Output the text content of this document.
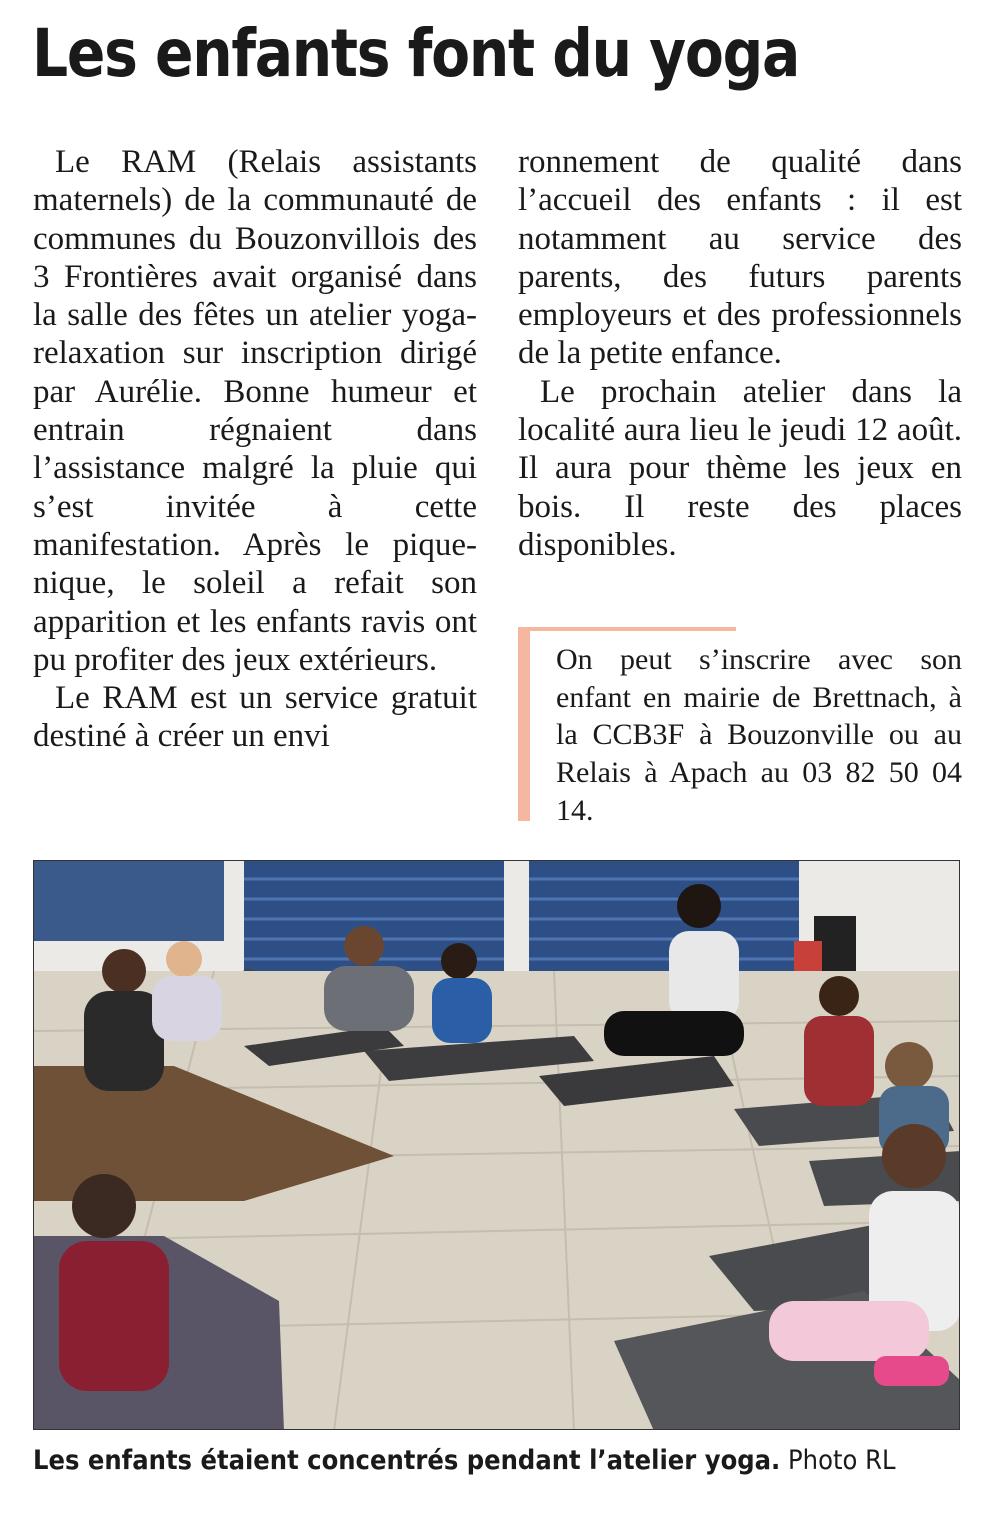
Les enfants font du yoga

Le RAM (Relais assistants maternels) de la communauté de communes du Bouzonvillois des 3 Frontières avait organisé dans la salle des fêtes un atelier yoga-relaxation sur inscription dirigé par Aurélie. Bonne humeur et entrain régnaient dans l’assistance malgré la pluie qui s’est invitée à cette manifestation. Après le pique-nique, le soleil a refait son apparition et les enfants ravis ont pu profiter des jeux extérieurs.

Le RAM est un service gratuit destiné à créer un envi

ronnement de qualité dans l’accueil des enfants : il est notamment au service des parents, des futurs parents employeurs et des professionnels de la petite enfance.

Le prochain atelier dans la localité aura lieu le jeudi 12 août. Il aura pour thème les jeux en bois. Il reste des places disponibles.

On peut s’inscrire avec son enfant en mairie de Brettnach, à la CCB3F à Bouzonville ou au Relais à Apach au 03 82 50 04 14.

Les enfants étaient concentrés pendant l’atelier yoga. Photo RL
